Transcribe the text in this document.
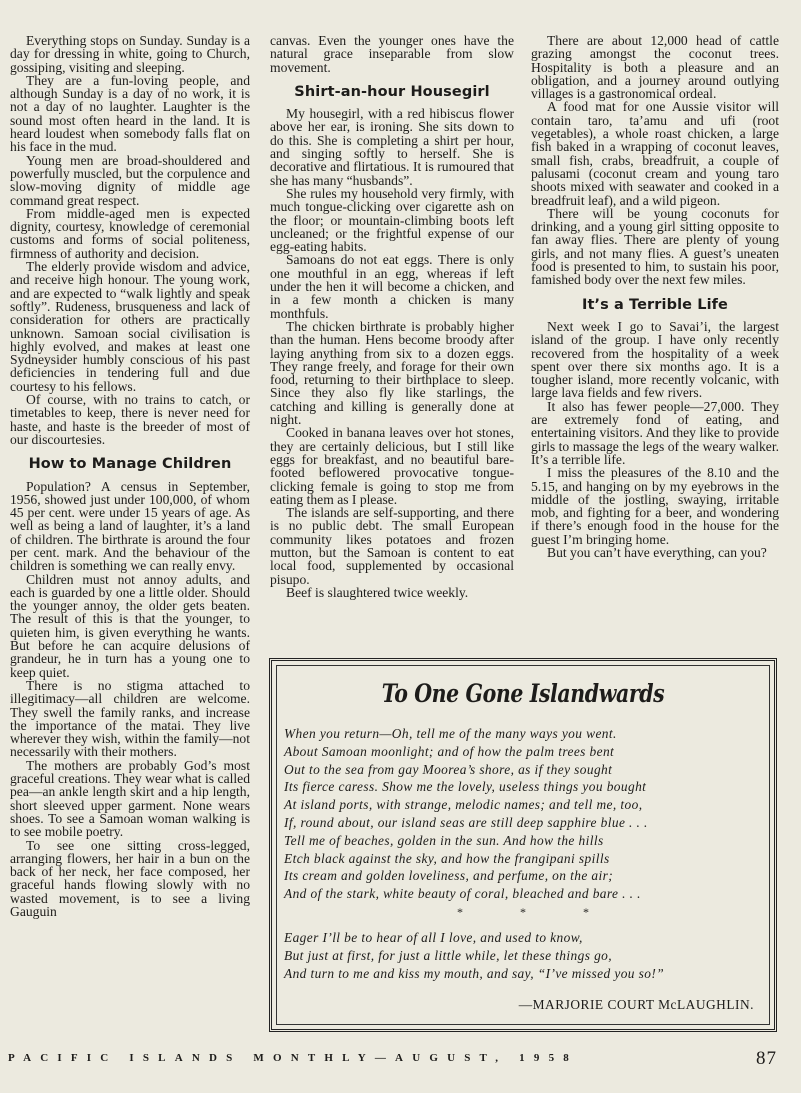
Everything stops on Sunday. Sunday is a day for dressing in white, going to Church, gossiping, visiting and sleeping.

They are a fun-loving people, and although Sunday is a day of no work, it is not a day of no laughter. Laughter is the sound most often heard in the land. It is heard loudest when somebody falls flat on his face in the mud.

Young men are broad-shouldered and powerfully muscled, but the corpulence and slow-moving dignity of middle age command great respect.

From middle-aged men is expected dignity, courtesy, knowledge of ceremonial customs and forms of social politeness, firmness of authority and decision.

The elderly provide wisdom and advice, and receive high honour. The young work, and are expected to “walk lightly and speak softly”. Rudeness, brusqueness and lack of consideration for others are practically unknown. Samoan social civilisation is highly evolved, and makes at least one Sydneysider humbly conscious of his past deficiencies in tendering full and due courtesy to his fellows.

Of course, with no trains to catch, or timetables to keep, there is never need for haste, and haste is the breeder of most of our discourtesies.

How to Manage Children

Population? A census in September, 1956, showed just under 100,000, of whom 45 per cent. were under 15 years of age. As well as being a land of laughter, it’s a land of children. The birthrate is around the four per cent. mark. And the behaviour of the children is something we can really envy.

Children must not annoy adults, and each is guarded by one a little older. Should the younger annoy, the older gets beaten. The result of this is that the younger, to quieten him, is given everything he wants. But before he can acquire delusions of grandeur, he in turn has a young one to keep quiet.

There is no stigma attached to illegitimacy—all children are welcome. They swell the family ranks, and increase the importance of the matai. They live wherever they wish, within the family—not necessarily with their mothers.

The mothers are probably God’s most graceful creations. They wear what is called pea—an ankle length skirt and a hip length, short sleeved upper garment. None wears shoes. To see a Samoan woman walking is to see mobile poetry.

To see one sitting cross-legged, arranging flowers, her hair in a bun on the back of her neck, her face composed, her graceful hands flowing slowly with no wasted movement, is to see a living Gauguin

canvas. Even the younger ones have the natural grace inseparable from slow movement.

Shirt-an-hour Housegirl

My housegirl, with a red hibiscus flower above her ear, is ironing. She sits down to do this. She is completing a shirt per hour, and singing softly to herself. She is decorative and flirtatious. It is rumoured that she has many “husbands”.

She rules my household very firmly, with much tongue-clicking over cigarette ash on the floor; or mountain-climbing boots left uncleaned; or the frightful expense of our egg-eating habits.

Samoans do not eat eggs. There is only one mouthful in an egg, whereas if left under the hen it will become a chicken, and in a few month a chicken is many monthfuls.

The chicken birthrate is probably higher than the human. Hens become broody after laying anything from six to a dozen eggs. They range freely, and forage for their own food, returning to their birthplace to sleep. Since they also fly like starlings, the catching and killing is generally done at night.

Cooked in banana leaves over hot stones, they are certainly delicious, but I still like eggs for breakfast, and no beautiful bare-footed beflowered provocative tongue-clicking female is going to stop me from eating them as I please.

The islands are self-supporting, and there is no public debt. The small European community likes potatoes and frozen mutton, but the Samoan is content to eat local food, supplemented by occasional pisupo.

Beef is slaughtered twice weekly.

There are about 12,000 head of cattle grazing amongst the coconut trees. Hospitality is both a pleasure and an obligation, and a journey around outlying villages is a gastronomical ordeal.

A food mat for one Aussie visitor will contain taro, ta’amu and ufi (root vegetables), a whole roast chicken, a large fish baked in a wrapping of coconut leaves, small fish, crabs, breadfruit, a couple of palusami (coconut cream and young taro shoots mixed with seawater and cooked in a breadfruit leaf), and a wild pigeon.

There will be young coconuts for drinking, and a young girl sitting opposite to fan away flies. There are plenty of young girls, and not many flies. A guest’s uneaten food is presented to him, to sustain his poor, famished body over the next few miles.

It’s a Terrible Life

Next week I go to Savai’i, the largest island of the group. I have only recently recovered from the hospitality of a week spent over there six months ago. It is a tougher island, more recently volcanic, with large lava fields and few rivers.

It also has fewer people—27,000. They are extremely fond of eating, and entertaining visitors. And they like to provide girls to massage the legs of the weary walker. It’s a terrible life.

I miss the pleasures of the 8.10 and the 5.15, and hanging on by my eyebrows in the middle of the jostling, swaying, irritable mob, and fighting for a beer, and wondering if there’s enough food in the house for the guest I’m bringing home.

But you can’t have everything, can you?

To One Gone Islandwards
When you return—Oh, tell me of the many ways you went.
About Samoan moonlight; and of how the palm trees bent
Out to the sea from gay Moorea’s shore, as if they sought
Its fierce caress. Show me the lovely, useless things you bought
At island ports, with strange, melodic names; and tell me, too,
If, round about, our island seas are still deep sapphire blue . . .
Tell me of beaches, golden in the sun. And how the hills
Etch black against the sky, and how the frangipani spills
Its cream and golden loveliness, and perfume, on the air;
And of the stark, white beauty of coral, bleached and bare . . .
* * *
Eager I’ll be to hear of all I love, and used to know,
But just at first, for just a little while, let these things go,
And turn to me and kiss my mouth, and say, “I’ve missed you so!”
—MARJORIE COURT McLAUGHLIN.
PACIFIC ISLANDS MONTHLY—AUGUST, 1958	87
